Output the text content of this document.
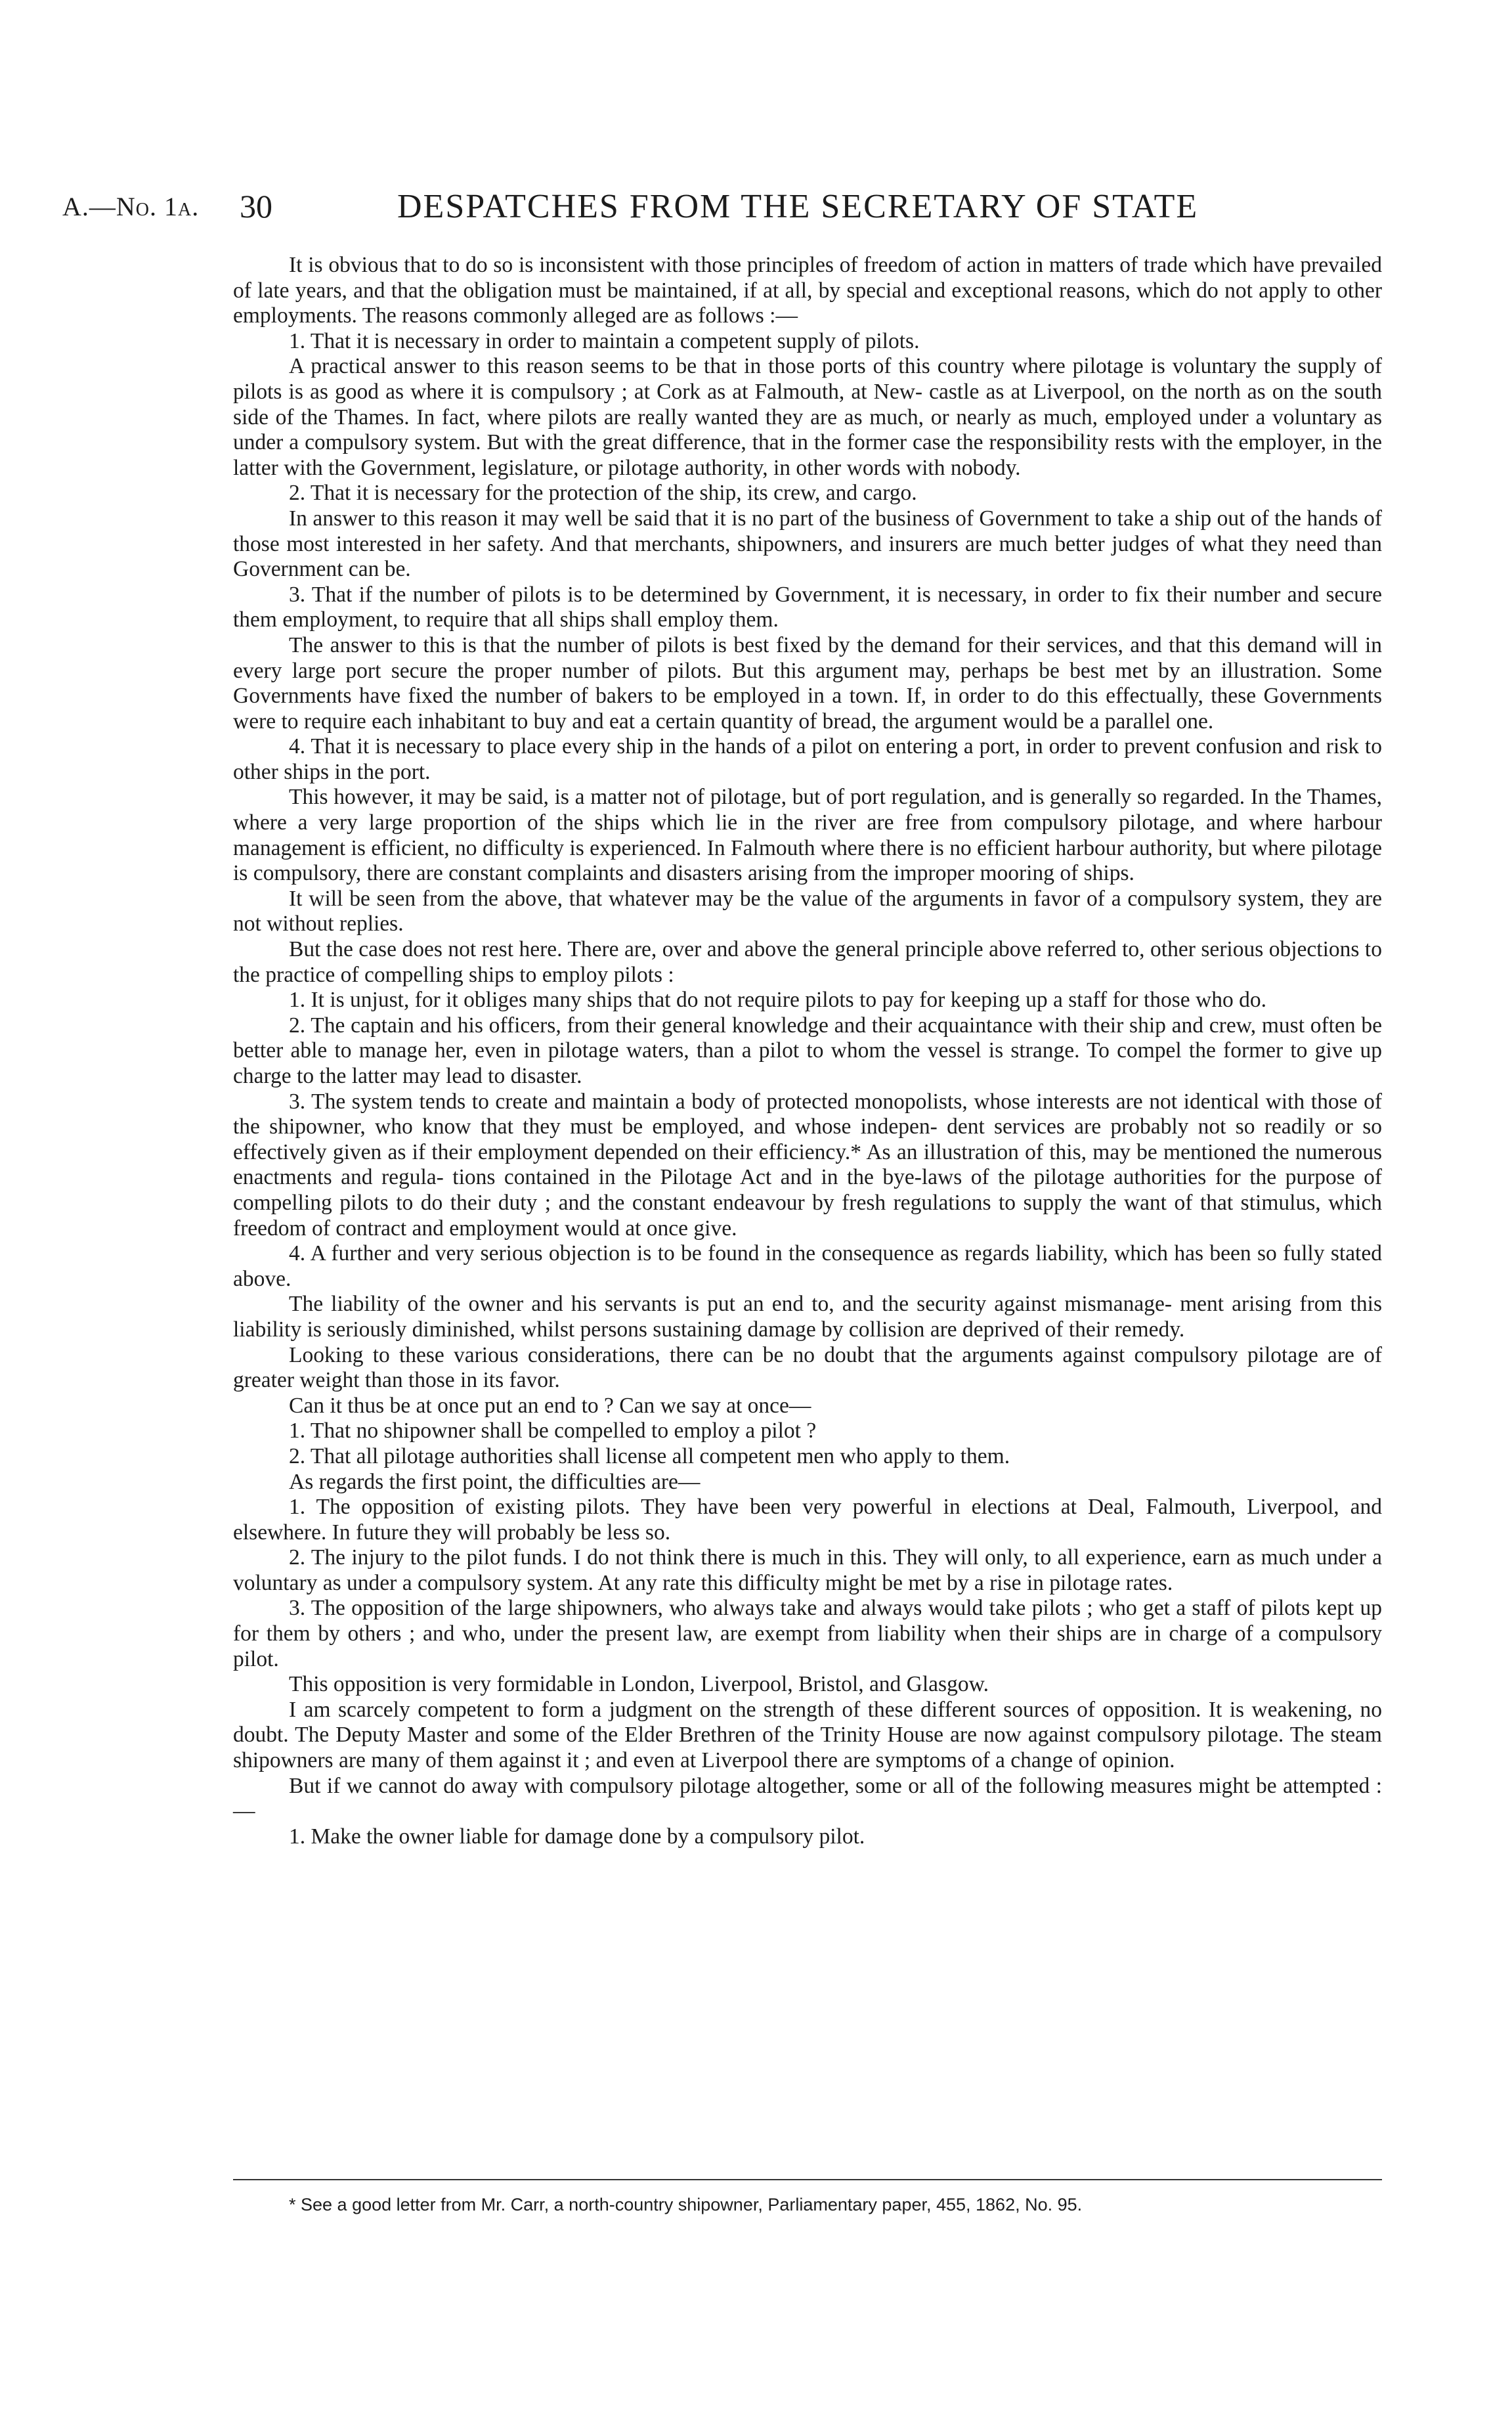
A.—No. 1a. 30	DESPATCHES FROM THE SECRETARY OF STATE

It is obvious that to do so is inconsistent with those principles of freedom of action in matters of trade which have prevailed of late years, and that the obligation must be maintained, if at all, by special and exceptional reasons, which do not apply to other employments. The reasons commonly alleged are as follows :—

1. That it is necessary in order to maintain a competent supply of pilots.

A practical answer to this reason seems to be that in those ports of this country where pilotage is voluntary the supply of pilots is as good as where it is compulsory ; at Cork as at Falmouth, at New- castle as at Liverpool, on the north as on the south side of the Thames. In fact, where pilots are really wanted they are as much, or nearly as much, employed under a voluntary as under a compulsory system. But with the great difference, that in the former case the responsibility rests with the employer, in the latter with the Government, legislature, or pilotage authority, in other words with nobody.

2. That it is necessary for the protection of the ship, its crew, and cargo.

In answer to this reason it may well be said that it is no part of the business of Government to take a ship out of the hands of those most interested in her safety. And that merchants, shipowners, and insurers are much better judges of what they need than Government can be.

3. That if the number of pilots is to be determined by Government, it is necessary, in order to fix their number and secure them employment, to require that all ships shall employ them.

The answer to this is that the number of pilots is best fixed by the demand for their services, and that this demand will in every large port secure the proper number of pilots. But this argument may, perhaps be best met by an illustration. Some Governments have fixed the number of bakers to be employed in a town. If, in order to do this effectually, these Governments were to require each inhabitant to buy and eat a certain quantity of bread, the argument would be a parallel one.

4. That it is necessary to place every ship in the hands of a pilot on entering a port, in order to prevent confusion and risk to other ships in the port.

This however, it may be said, is a matter not of pilotage, but of port regulation, and is generally so regarded. In the Thames, where a very large proportion of the ships which lie in the river are free from compulsory pilotage, and where harbour management is efficient, no difficulty is experienced. In Falmouth where there is no efficient harbour authority, but where pilotage is compulsory, there are constant complaints and disasters arising from the improper mooring of ships.

It will be seen from the above, that whatever may be the value of the arguments in favor of a compulsory system, they are not without replies.

But the case does not rest here. There are, over and above the general principle above referred to, other serious objections to the practice of compelling ships to employ pilots :

1. It is unjust, for it obliges many ships that do not require pilots to pay for keeping up a staff for those who do.

2. The captain and his officers, from their general knowledge and their acquaintance with their ship and crew, must often be better able to manage her, even in pilotage waters, than a pilot to whom the vessel is strange. To compel the former to give up charge to the latter may lead to disaster.

3. The system tends to create and maintain a body of protected monopolists, whose interests are not identical with those of the shipowner, who know that they must be employed, and whose indepen- dent services are probably not so readily or so effectively given as if their employment depended on their efficiency.* As an illustration of this, may be mentioned the numerous enactments and regula- tions contained in the Pilotage Act and in the bye-laws of the pilotage authorities for the purpose of compelling pilots to do their duty ; and the constant endeavour by fresh regulations to supply the want of that stimulus, which freedom of contract and employment would at once give.

4. A further and very serious objection is to be found in the consequence as regards liability, which has been so fully stated above.

The liability of the owner and his servants is put an end to, and the security against mismanage- ment arising from this liability is seriously diminished, whilst persons sustaining damage by collision are deprived of their remedy.

Looking to these various considerations, there can be no doubt that the arguments against compulsory pilotage are of greater weight than those in its favor.

Can it thus be at once put an end to ? Can we say at once—

1. That no shipowner shall be compelled to employ a pilot ?

2. That all pilotage authorities shall license all competent men who apply to them.

As regards the first point, the difficulties are—

1. The opposition of existing pilots. They have been very powerful in elections at Deal, Falmouth, Liverpool, and elsewhere. In future they will probably be less so.

2. The injury to the pilot funds. I do not think there is much in this. They will only, to all experience, earn as much under a voluntary as under a compulsory system. At any rate this difficulty might be met by a rise in pilotage rates.

3. The opposition of the large shipowners, who always take and always would take pilots ; who get a staff of pilots kept up for them by others ; and who, under the present law, are exempt from liability when their ships are in charge of a compulsory pilot.

This opposition is very formidable in London, Liverpool, Bristol, and Glasgow.

I am scarcely competent to form a judgment on the strength of these different sources of opposition. It is weakening, no doubt. The Deputy Master and some of the Elder Brethren of the Trinity House are now against compulsory pilotage. The steam shipowners are many of them against it ; and even at Liverpool there are symptoms of a change of opinion.

But if we cannot do away with compulsory pilotage altogether, some or all of the following measures might be attempted :—

1. Make the owner liable for damage done by a compulsory pilot.

* See a good letter from Mr. Carr, a north-country shipowner, Parliamentary paper, 455, 1862, No. 95.
